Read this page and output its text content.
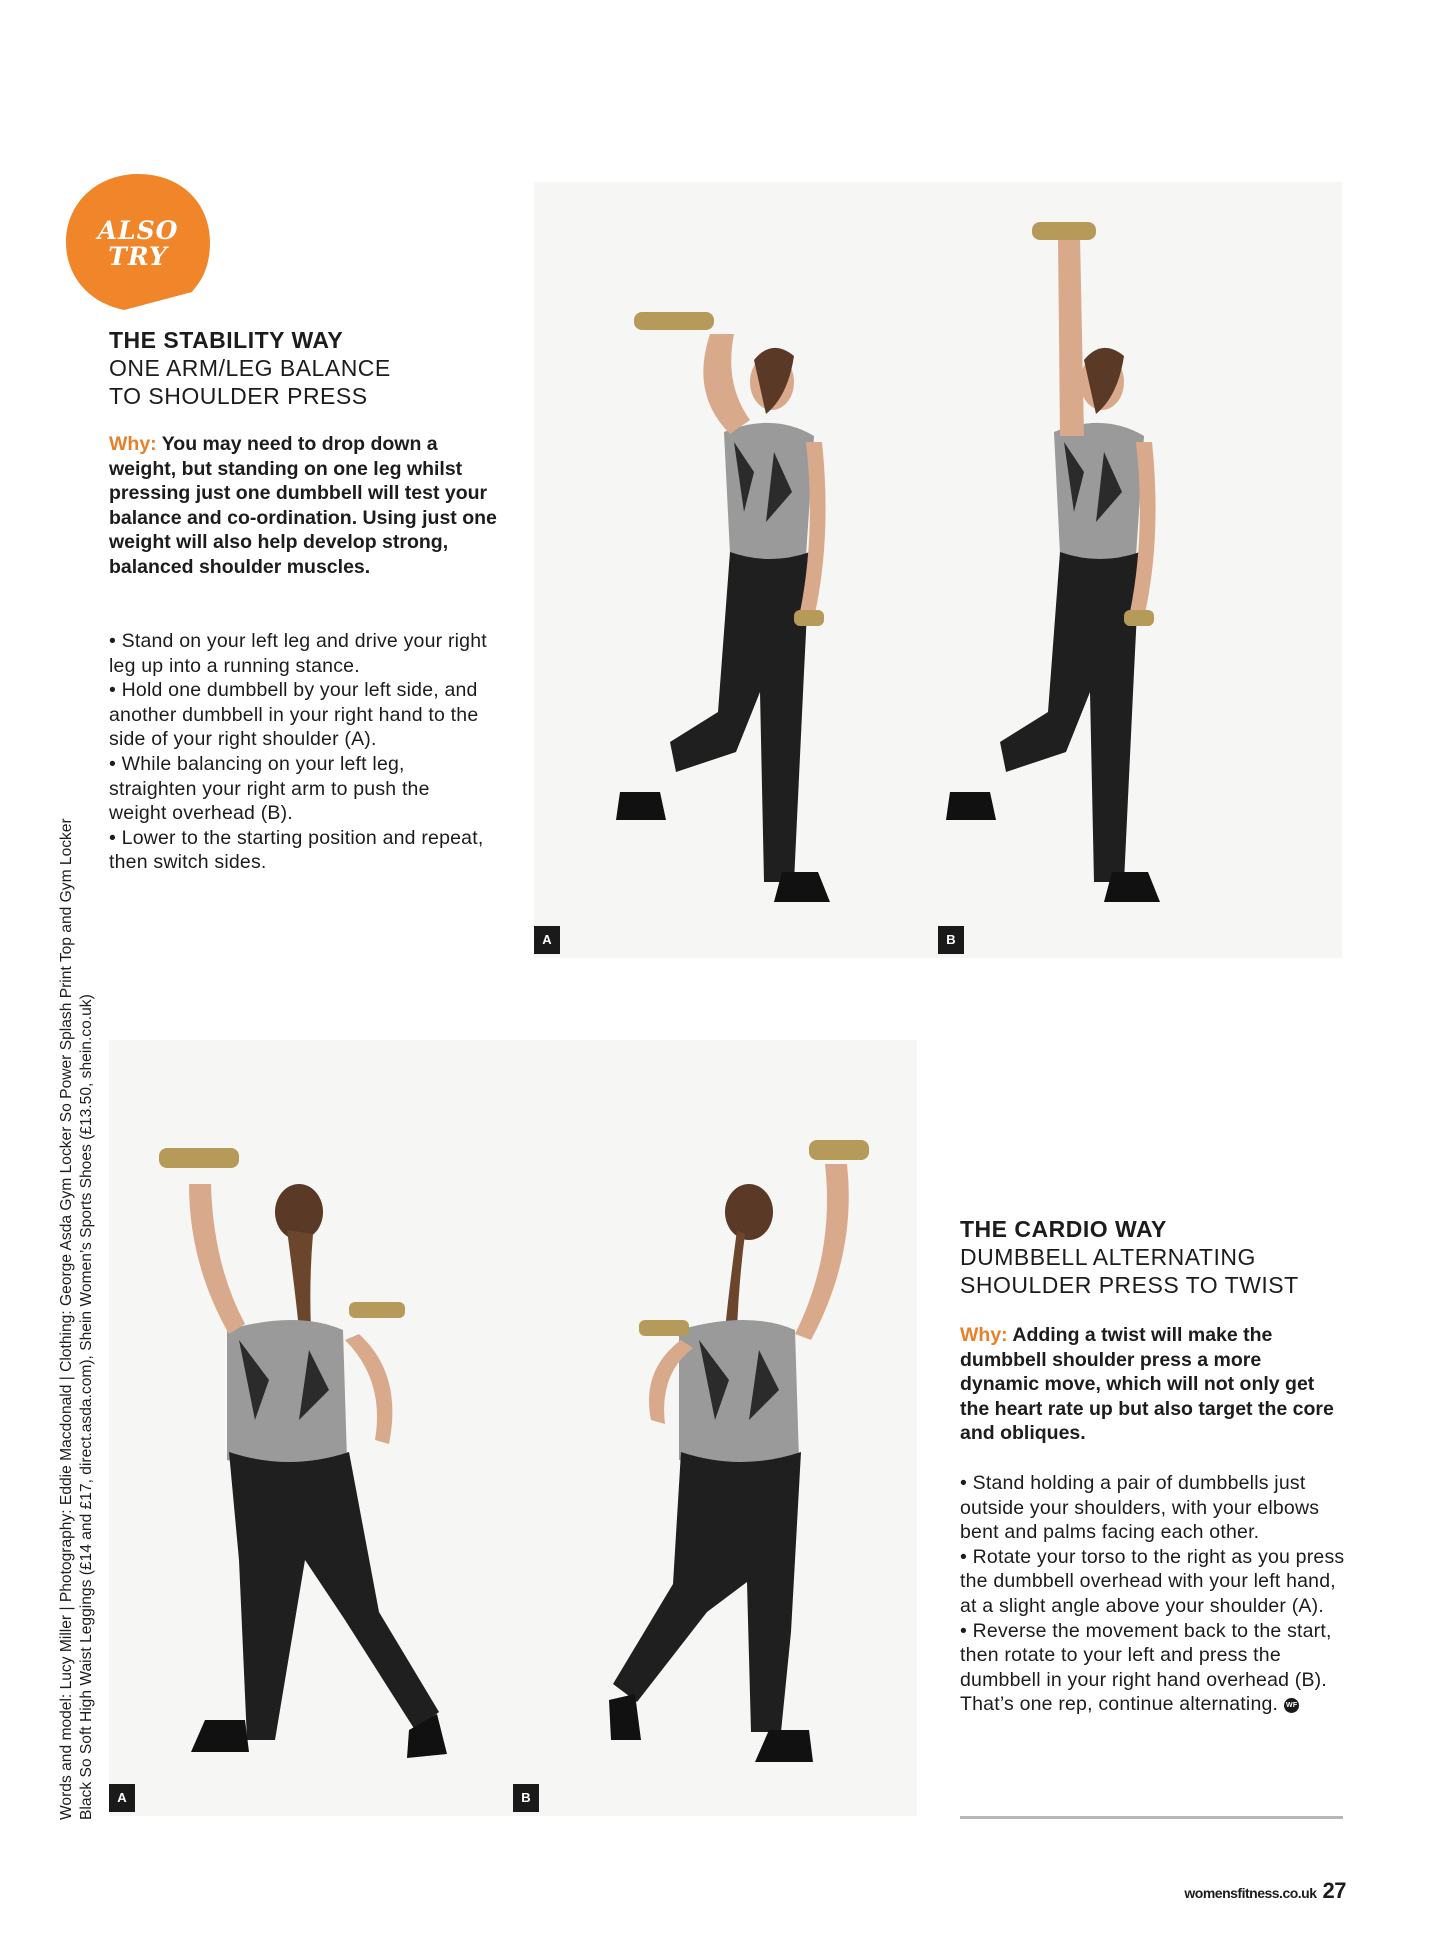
ALSO
TRY
THE STABILITY WAY
ONE ARM/LEG BALANCE
TO SHOULDER PRESS
Why: You may need to drop down a weight, but standing on one leg whilst pressing just one dumbbell will test your balance and co-ordination. Using just one weight will also help develop strong, balanced shoulder muscles.

• Stand on your left leg and drive your right leg up into a running stance.

• Hold one dumbbell by your left side, and another dumbbell in your right hand to the side of your right shoulder (A).

• While balancing on your left leg, straighten your right arm to push the weight overhead (B).

• Lower to the starting position and repeat, then switch sides.

A	B
A	B
THE CARDIO WAY
DUMBBELL ALTERNATING
SHOULDER PRESS TO TWIST
Why: Adding a twist will make the dumbbell shoulder press a more dynamic move, which will not only get the heart rate up but also target the core and obliques.

• Stand holding a pair of dumbbells just outside your shoulders, with your elbows bent and palms facing each other.

• Rotate your torso to the right as you press the dumbbell overhead with your left hand, at a slight angle above your shoulder (A).

• Reverse the movement back to the start, then rotate to your left and press the dumbbell in your right hand overhead (B). That’s one rep, continue alternating. WF

Words and model: Lucy Miller | Photography: Eddie Macdonald | Clothing: George Asda Gym Locker So Power Splash Print Top and Gym Locker Black So Soft High Waist Leggings (£14 and £17, direct.asda.com), Shein Women’s Sports Shoes (£13.50, shein.co.uk)
womensfitness.co.uk 27
